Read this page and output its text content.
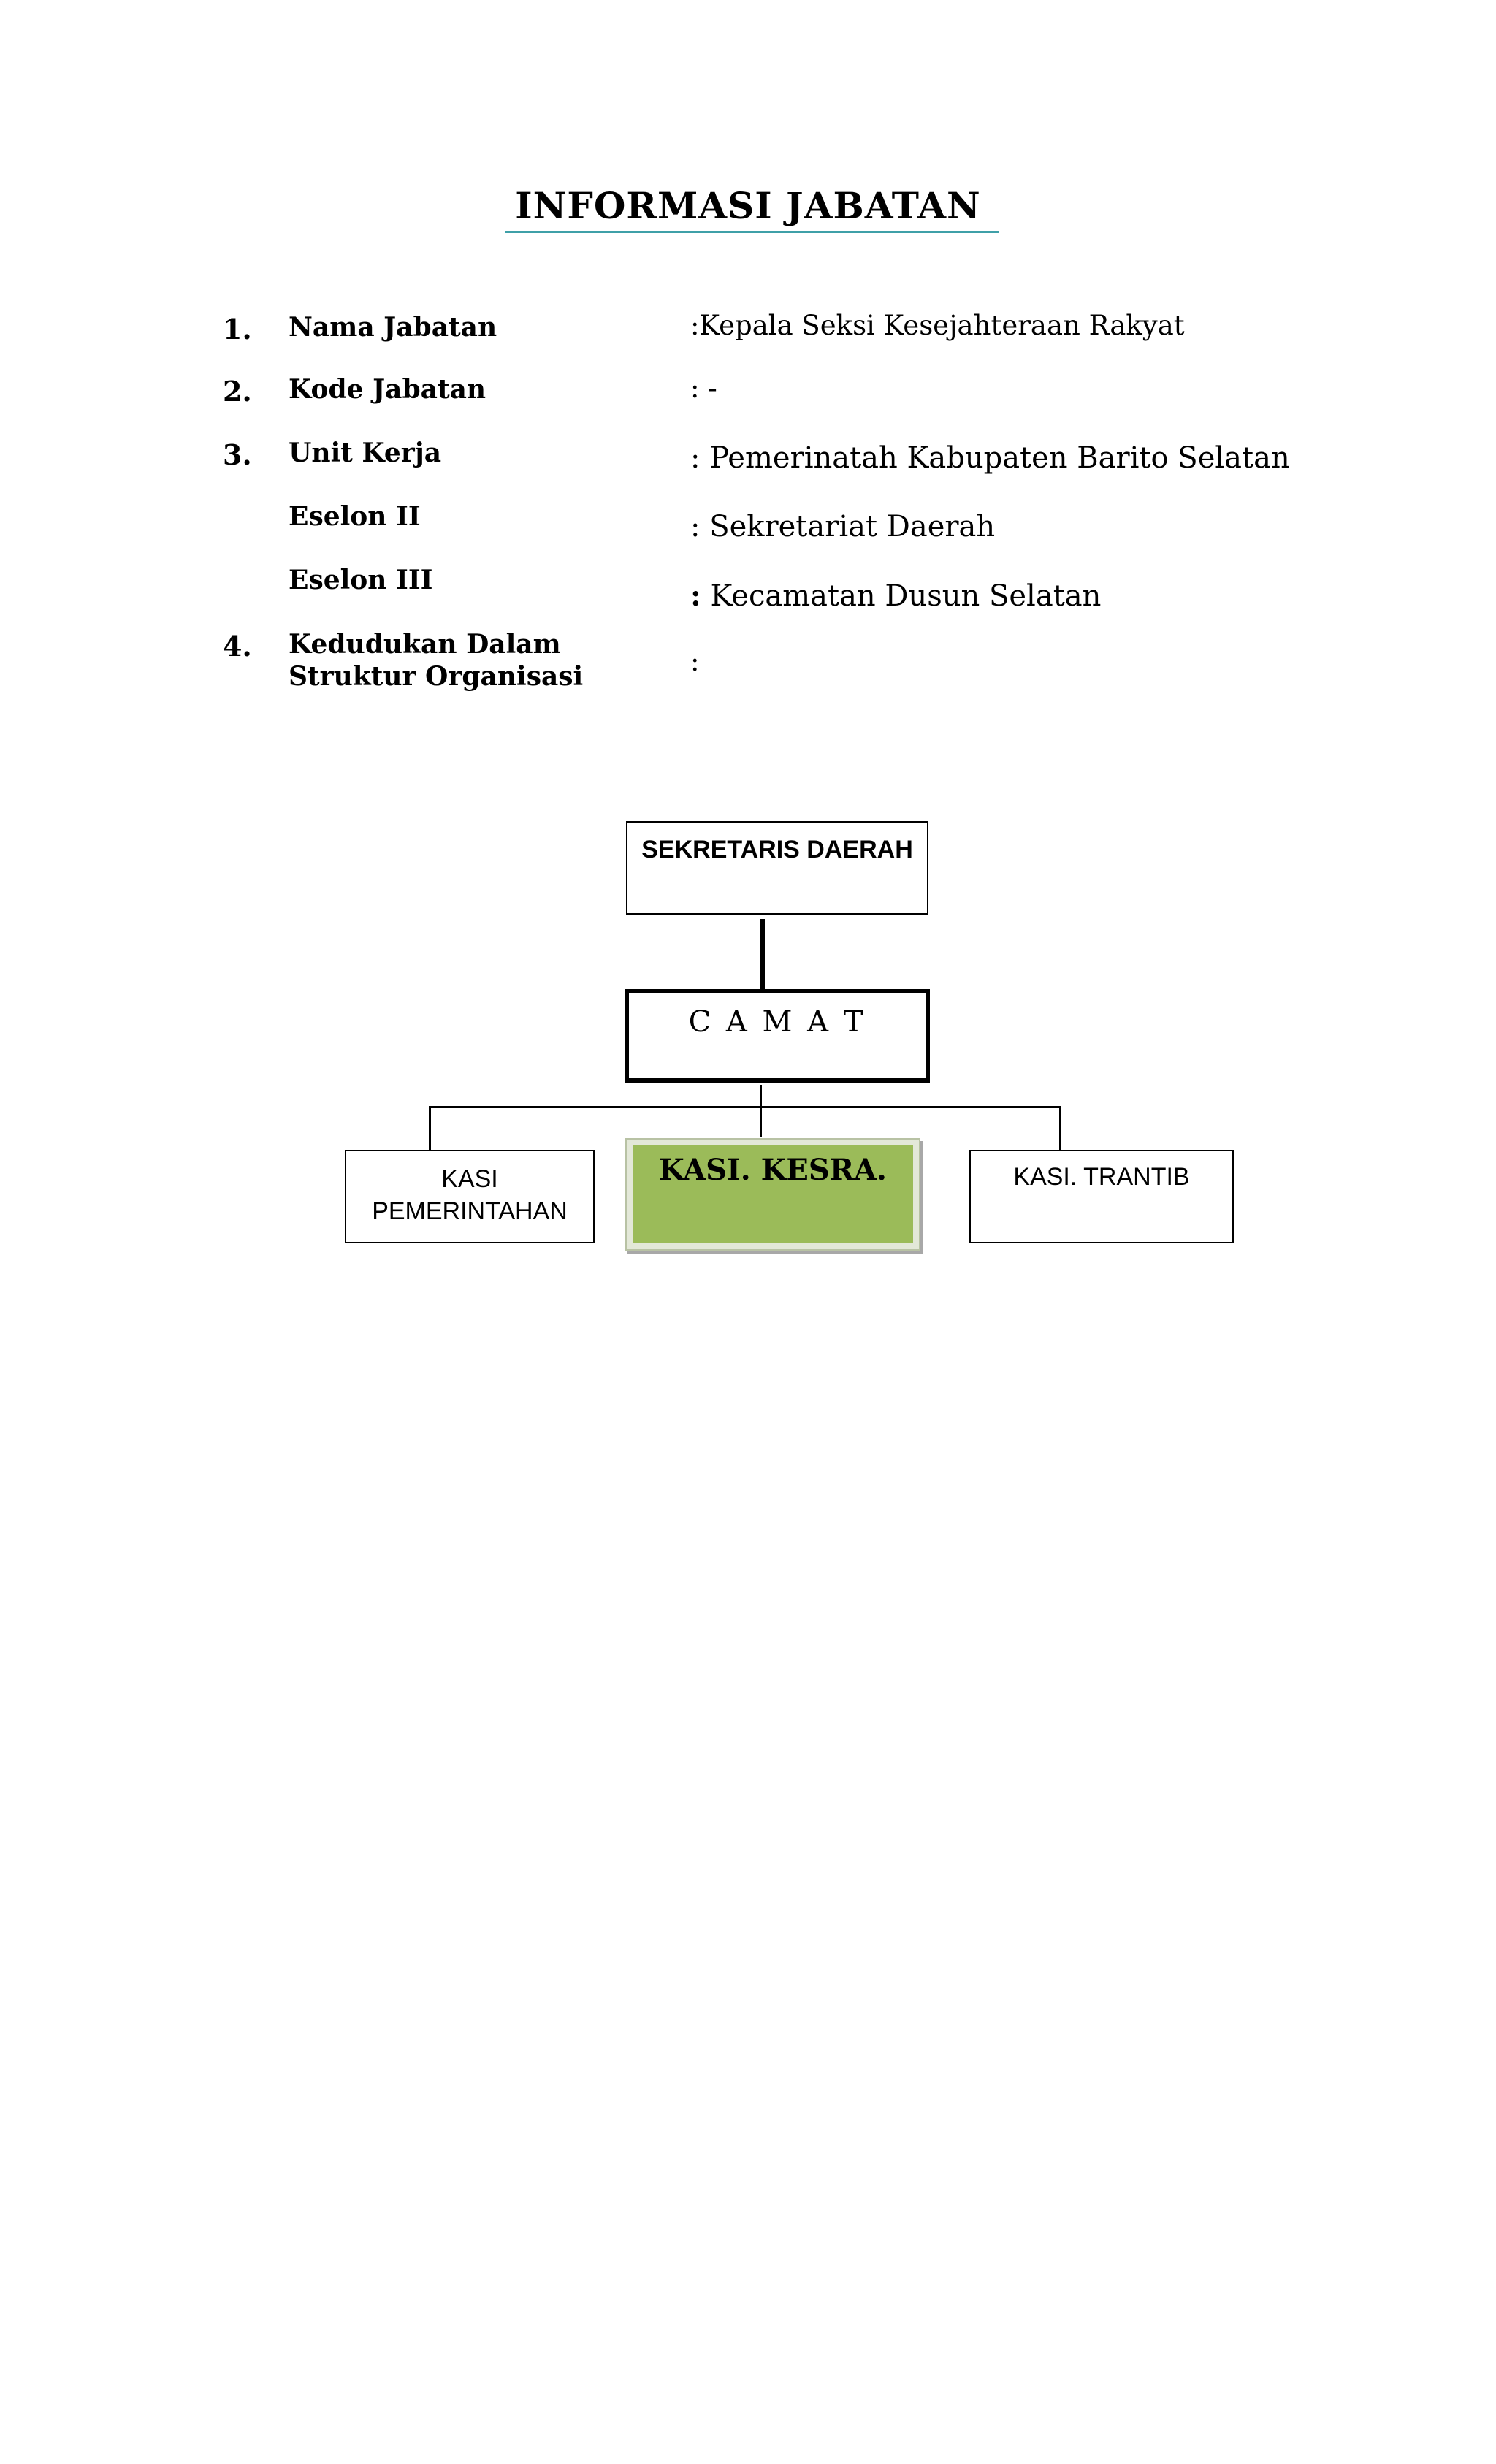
INFORMASI JABATAN
1. Nama Jabatan	:Kepala Seksi Kesejahteraan Rakyat
2. Kode Jabatan	: -
3. Unit Kerja	: Pemerinatah Kabupaten Barito Selatan
Eselon II	: Sekretariat Daerah
Eselon III	: Kecamatan Dusun Selatan
4. Kedudukan Dalam
Struktur Organisasi	:
SEKRETARIS DAERAH
C A M A T
KASI
PEMERINTAHAN
KASI. KESRA.	KASI. TRANTIB
